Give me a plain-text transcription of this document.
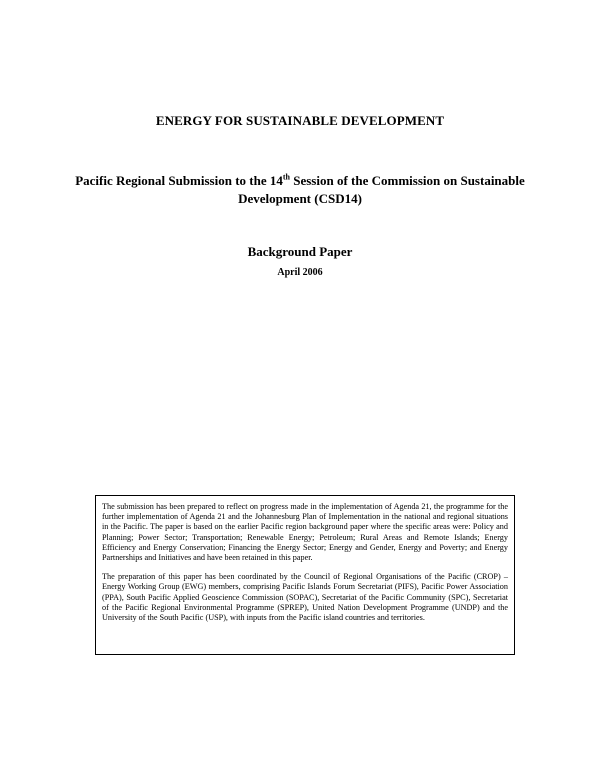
ENERGY FOR SUSTAINABLE DEVELOPMENT
Pacific Regional Submission to the 14th Session of the Commission on Sustainable Development (CSD14)
Background Paper
April 2006

The submission has been prepared to reflect on progress made in the implementation of Agenda 21, the programme for the further implementation of Agenda 21 and the Johannesburg Plan of Implementation in the national and regional situations in the Pacific. The paper is based on the earlier Pacific region background paper where the specific areas were: Policy and Planning; Power Sector; Transportation; Renewable Energy; Petroleum; Rural Areas and Remote Islands; Energy Efficiency and Energy Conservation; Financing the Energy Sector; Energy and Gender, Energy and Poverty; and Energy Partnerships and Initiatives and have been retained in this paper.

The preparation of this paper has been coordinated by the Council of Regional Organisations of the Pacific (CROP) – Energy Working Group (EWG) members, comprising Pacific Islands Forum Secretariat (PIFS), Pacific Power Association (PPA), South Pacific Applied Geoscience Commission (SOPAC), Secretariat of the Pacific Community (SPC), Secretariat of the Pacific Regional Environmental Programme (SPREP), United Nation Development Programme (UNDP) and the University of the South Pacific (USP), with inputs from the Pacific island countries and territories.
